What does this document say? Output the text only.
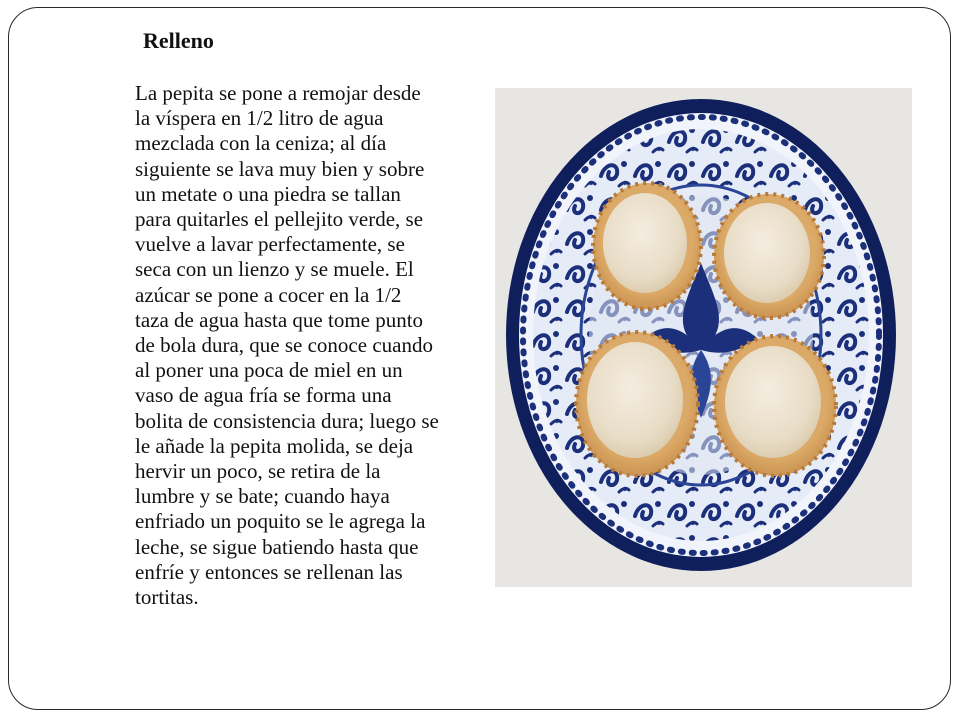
Relleno

La pepita se pone a remojar desde
la víspera en 1/2 litro de agua
mezclada con la ceniza; al día
siguiente se lava muy bien y sobre
un metate o una piedra se tallan
para quitarles el pellejito verde, se
vuelve a lavar perfectamente, se
seca con un lienzo y se muele. El
azúcar se pone a cocer en la 1/2
taza de agua hasta que tome punto
de bola dura, que se conoce cuando
al poner una poca de miel en un
vaso de agua fría se forma una
bolita de consistencia dura; luego se
le añade la pepita molida, se deja
hervir un poco, se retira de la
lumbre y se bate; cuando haya
enfriado un poquito se le agrega la
leche, se sigue batiendo hasta que
enfríe y entonces se rellenan las
tortitas.
